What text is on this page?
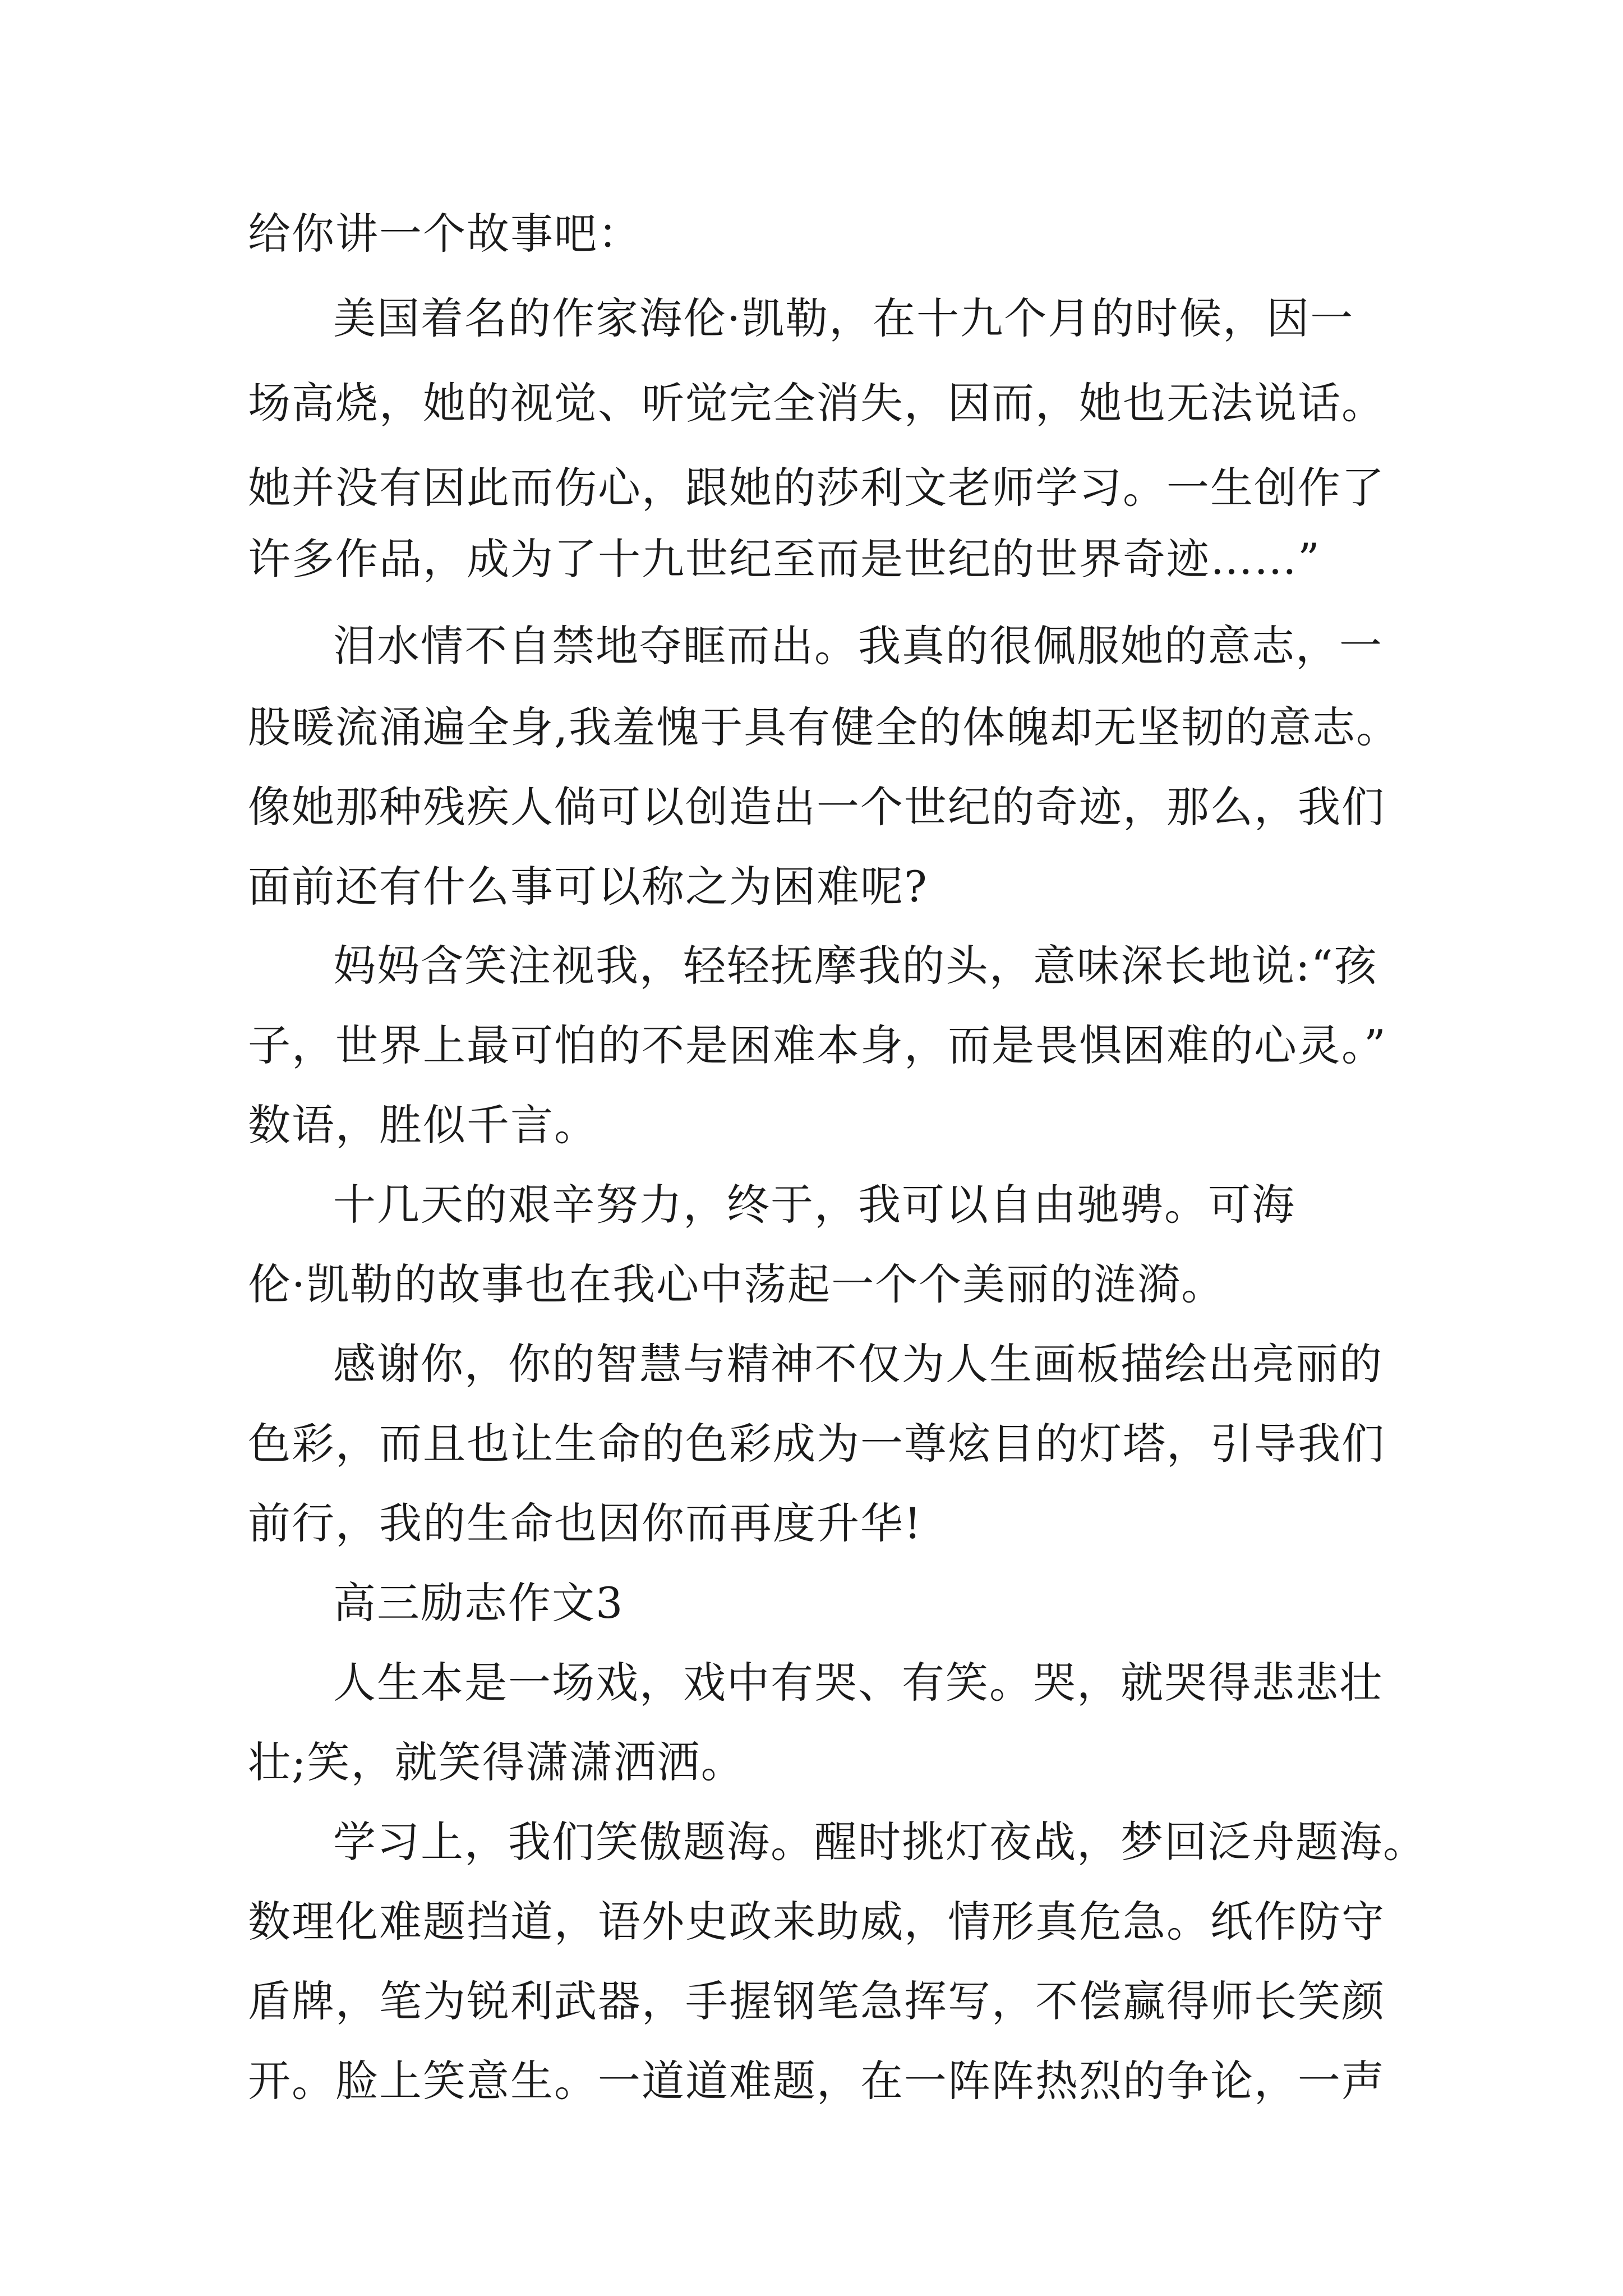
给你讲一个故事吧：
美国着名的作家海伦·凯勒，在十九个月的时候，因一
场高烧，她的视觉、听觉完全消失，因而，她也无法说话。
她并没有因此而伤心，跟她的莎利文老师学习。一生创作了
许多作品，成为了十九世纪至而是世纪的世界奇迹……”
泪水情不自禁地夺眶而出。我真的很佩服她的意志，一
股暖流涌遍全身,我羞愧于具有健全的体魄却无坚韧的意志。
像她那种残疾人倘可以创造出一个世纪的奇迹，那么，我们
面前还有什么事可以称之为困难呢?
妈妈含笑注视我，轻轻抚摩我的头，意味深长地说:“孩
子，世界上最可怕的不是困难本身，而是畏惧困难的心灵。”
数语，胜似千言。
十几天的艰辛努力，终于，我可以自由驰骋。可海
伦·凯勒的故事也在我心中荡起一个个美丽的涟漪。
感谢你，你的智慧与精神不仅为人生画板描绘出亮丽的
色彩，而且也让生命的色彩成为一尊炫目的灯塔，引导我们
前行，我的生命也因你而再度升华!
高三励志作文3
人生本是一场戏，戏中有哭、有笑。哭，就哭得悲悲壮
壮;笑，就笑得潇潇洒洒。
学习上，我们笑傲题海。醒时挑灯夜战，梦回泛舟题海。
数理化难题挡道，语外史政来助威，情形真危急。纸作防守
盾牌，笔为锐利武器，手握钢笔急挥写，不偿赢得师长笑颜
开。脸上笑意生。一道道难题，在一阵阵热烈的争论，一声
